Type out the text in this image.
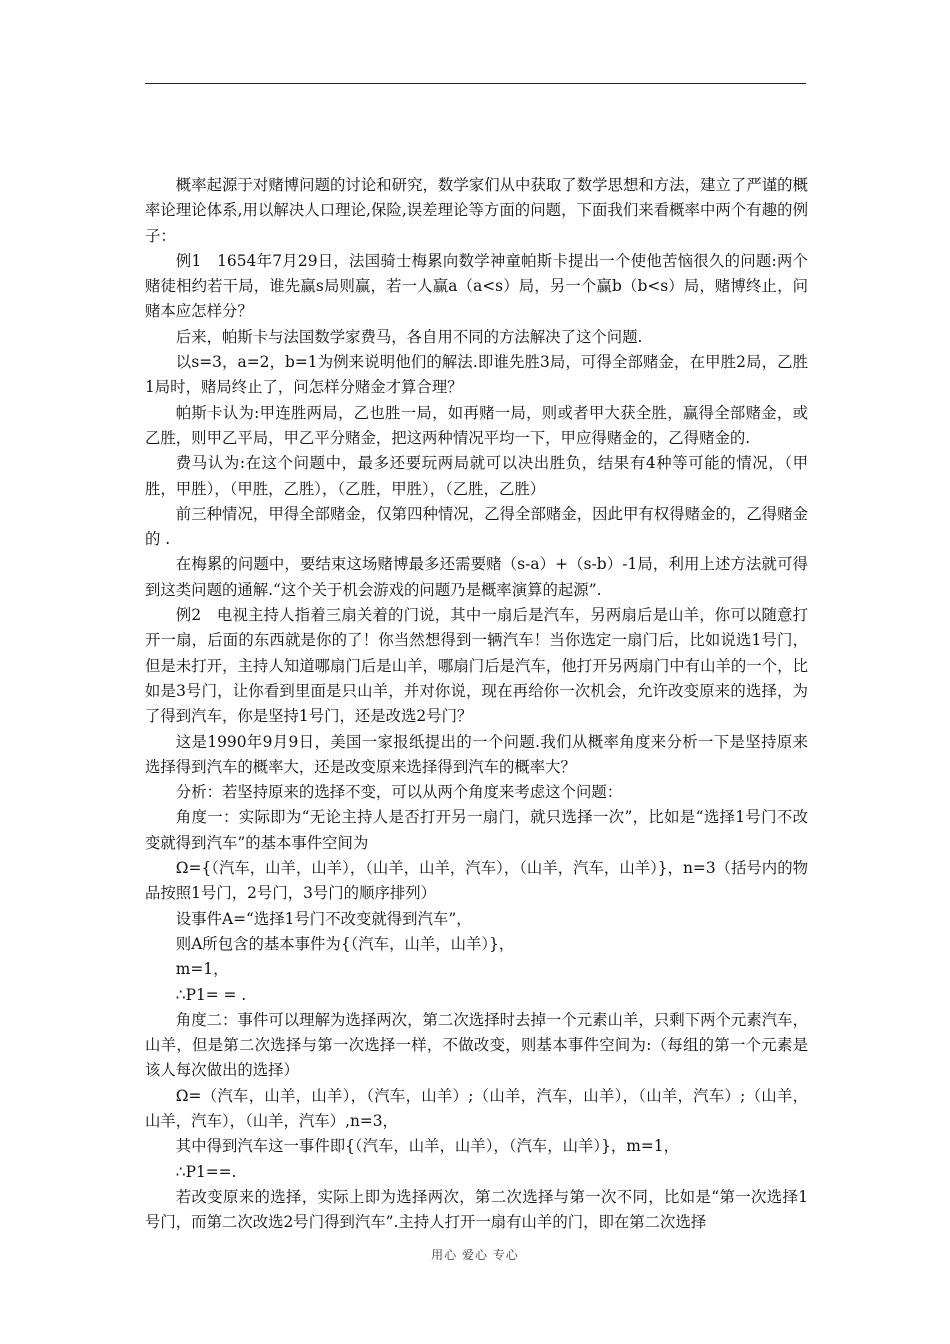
概率起源于对赌博问题的讨论和研究，数学家们从中获取了数学思想和方法，建立了严谨的概率论理论体系,用以解决人口理论,保险,误差理论等方面的问题，下面我们来看概率中两个有趣的例子：

例1　1654年7月29日，法国骑士梅累向数学神童帕斯卡提出一个使他苦恼很久的问题:两个赌徒相约若干局，谁先赢s局则赢，若一人赢a（a<s）局，另一个赢b（b<s）局，赌博终止，问赌本应怎样分？

后来，帕斯卡与法国数学家费马，各自用不同的方法解决了这个问题.

以s=3，a=2，b=1为例来说明他们的解法.即谁先胜3局，可得全部赌金，在甲胜2局，乙胜1局时，赌局终止了，问怎样分赌金才算合理？

帕斯卡认为:甲连胜两局，乙也胜一局，如再赌一局，则或者甲大获全胜，赢得全部赌金，或乙胜，则甲乙平局，甲乙平分赌金，把这两种情况平均一下，甲应得赌金的，乙得赌金的.

费马认为:在这个问题中，最多还要玩两局就可以决出胜负，结果有4种等可能的情况，（甲胜，甲胜），（甲胜，乙胜），（乙胜，甲胜），（乙胜，乙胜）

前三种情况，甲得全部赌金，仅第四种情况，乙得全部赌金，因此甲有权得赌金的，乙得赌金的 .

在梅累的问题中，要结束这场赌博最多还需要赌（s-a）+（s-b）-1局，利用上述方法就可得到这类问题的通解.“这个关于机会游戏的问题乃是概率演算的起源”.

例2　电视主持人指着三扇关着的门说，其中一扇后是汽车，另两扇后是山羊，你可以随意打开一扇，后面的东西就是你的了！你当然想得到一辆汽车！当你选定一扇门后，比如说选1号门，但是未打开，主持人知道哪扇门后是山羊，哪扇门后是汽车，他打开另两扇门中有山羊的一个，比如是3号门，让你看到里面是只山羊，并对你说，现在再给你一次机会，允许改变原来的选择，为了得到汽车，你是坚持1号门，还是改选2号门？

这是1990年9月9日，美国一家报纸提出的一个问题.我们从概率角度来分析一下是坚持原来选择得到汽车的概率大，还是改变原来选择得到汽车的概率大？

分析：若坚持原来的选择不变，可以从两个角度来考虑这个问题：

角度一：实际即为“无论主持人是否打开另一扇门，就只选择一次”，比如是“选择1号门不改变就得到汽车”的基本事件空间为

Ω={（汽车，山羊，山羊），（山羊，山羊，汽车），（山羊，汽车，山羊）}，n=3（括号内的物品按照1号门，2号门，3号门的顺序排列）

设事件A=“选择1号门不改变就得到汽车”，

则A所包含的基本事件为{（汽车，山羊，山羊）}，

m=1，

∴P1= = .

角度二：事件可以理解为选择两次，第二次选择时去掉一个元素山羊，只剩下两个元素汽车，山羊，但是第二次选择与第一次选择一样，不做改变，则基本事件空间为:（每组的第一个元素是该人每次做出的选择）

Ω=（汽车，山羊，山羊），（汽车，山羊）;（山羊，汽车，山羊），（山羊，汽车）;（山羊，山羊，汽车），（山羊，汽车）,n=3，

其中得到汽车这一事件即{（汽车，山羊，山羊），（汽车，山羊）}，m=1，

∴P1==.

若改变原来的选择，实际上即为选择两次，第二次选择与第一次不同，比如是“第一次选择1号门，而第二次改选2号门得到汽车”.主持人打开一扇有山羊的门，即在第二次选择

用心 爱心 专心
